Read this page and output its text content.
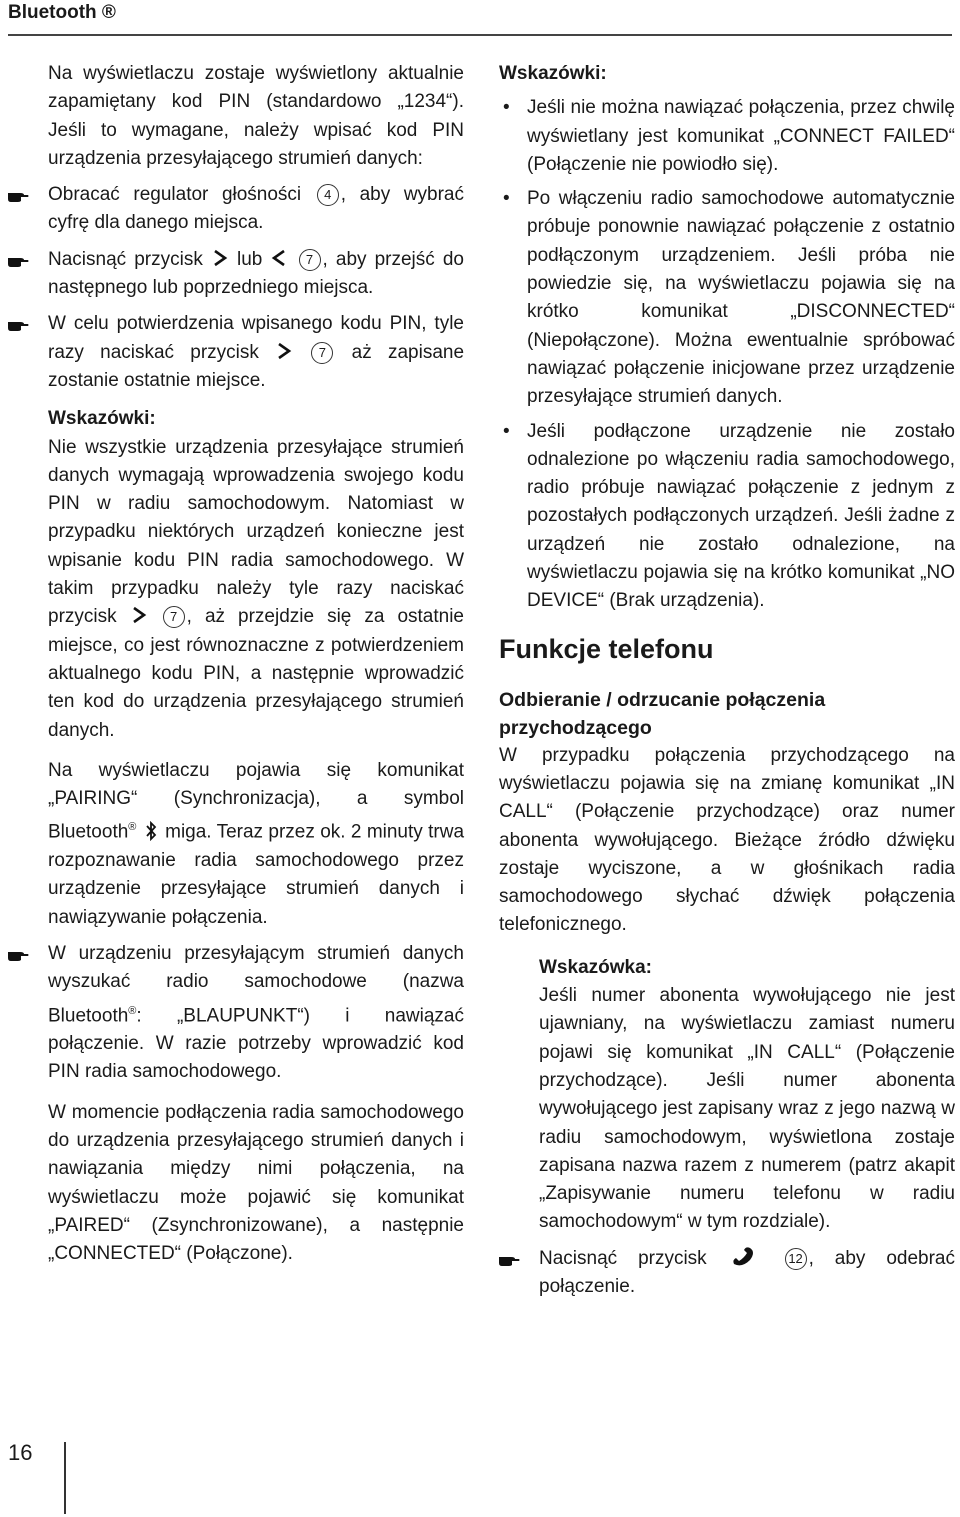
Bluetooth ®

Na wyświetlaczu zostaje wyświetlony aktualnie zapamiętany kod PIN (standardowo „1234“). Jeśli to wymagane, należy wpisać kod PIN urządzenia przesyłającego strumień danych:

Obracać regulator głośności 4 , aby wybrać cyfrę dla danego miejsca.
Nacisnąć przycisk lub	7 , aby przejść do następnego lub poprzedniego miejsca.
W celu potwierdzenia wpisanego kodu PIN, tyle razy naciskać przycisk	7 aż zapisane zostanie ostatnie miejsce.
Wskazówki:

Nie wszystkie urządzenia przesyłające strumień danych wymagają wprowadzenia swojego kodu PIN w radiu samochodowym. Natomiast w przypadku niektórych urządzeń konieczne jest wpisanie kodu PIN radia samochodowego. W takim przypadku należy tyle razy naciskać przycisk	7 , aż przejdzie się za ostatnie miejsce, co jest równoznaczne z potwierdzeniem aktualnego kodu PIN, a następnie wprowadzić ten kod do urządzenia przesyłającego strumień danych.

Na wyświetlaczu pojawia się komunikat „PAIRING“ (Synchronizacja), a symbol Bluetooth® miga. Teraz przez ok. 2 minuty trwa rozpoznawanie radia samochodowego przez urządzenie przesyłające strumień danych i nawiązywanie połączenia.

W urządzeniu przesyłającym strumień danych wyszukać radio samochodowe (nazwa Bluetooth®: „BLAUPUNKT“) i nawiązać połączenie. W razie potrzeby wprowadzić kod PIN radia samochodowego.

W momencie podłączenia radia samochodowego do urządzenia przesyłającego strumień danych i nawiązania między nimi połączenia, na wyświetlaczu może pojawić się komunikat „PAIRED“ (Zsynchronizowane), a następnie „CONNECTED“ (Połączone).

Wskazówki:
• Jeśli nie można nawiązać połączenia, przez chwilę wyświetlany jest komunikat „CONNECT FAILED“ (Połączenie nie powiodło się).
• Po włączeniu radio samochodowe automatycznie próbuje ponownie nawiązać połączenie z ostatnio podłączonym urządzeniem. Jeśli próba nie powiedzie się, na wyświetlaczu pojawia się na krótko komunikat „DISCONNECTED“ (Niepołączone). Można ewentualnie spróbować nawiązać połączenie inicjowane przez urządzenie przesyłające strumień danych.
• Jeśli podłączone urządzenie nie zostało odnalezione po włączeniu radia samochodowego, radio próbuje nawiązać połączenie z jednym z pozostałych podłączonych urządzeń. Jeśli żadne z urządzeń nie zostało odnalezione, na wyświetlaczu pojawia się na krótko komunikat „NO DEVICE“ (Brak urządzenia).
Funkcje telefonu
Odbieranie / odrzucanie połączenia przychodzącego

W przypadku połączenia przychodzącego na wyświetlaczu pojawia się na zmianę komunikat „IN CALL“ (Połączenie przychodzące) oraz numer abonenta wywołującego. Bieżące źródło dźwięku zostaje wyciszone, a w głośnikach radia samochodowego słychać dźwięk połączenia telefonicznego.

Wskazówka:

Jeśli numer abonenta wywołującego nie jest ujawniany, na wyświetlaczu zamiast numeru pojawi się komunikat „IN CALL“ (Połączenie przychodzące). Jeśli numer abonenta wywołującego jest zapisany wraz z jego nazwą w radiu samochodowym, wyświetlona zostaje zapisana nazwa razem z numerem (patrz akapit „Zapisywanie numeru telefonu w radiu samochodowym“ w tym rozdziale).

Nacisnąć przycisk	12 , aby odebrać połączenie.
16
